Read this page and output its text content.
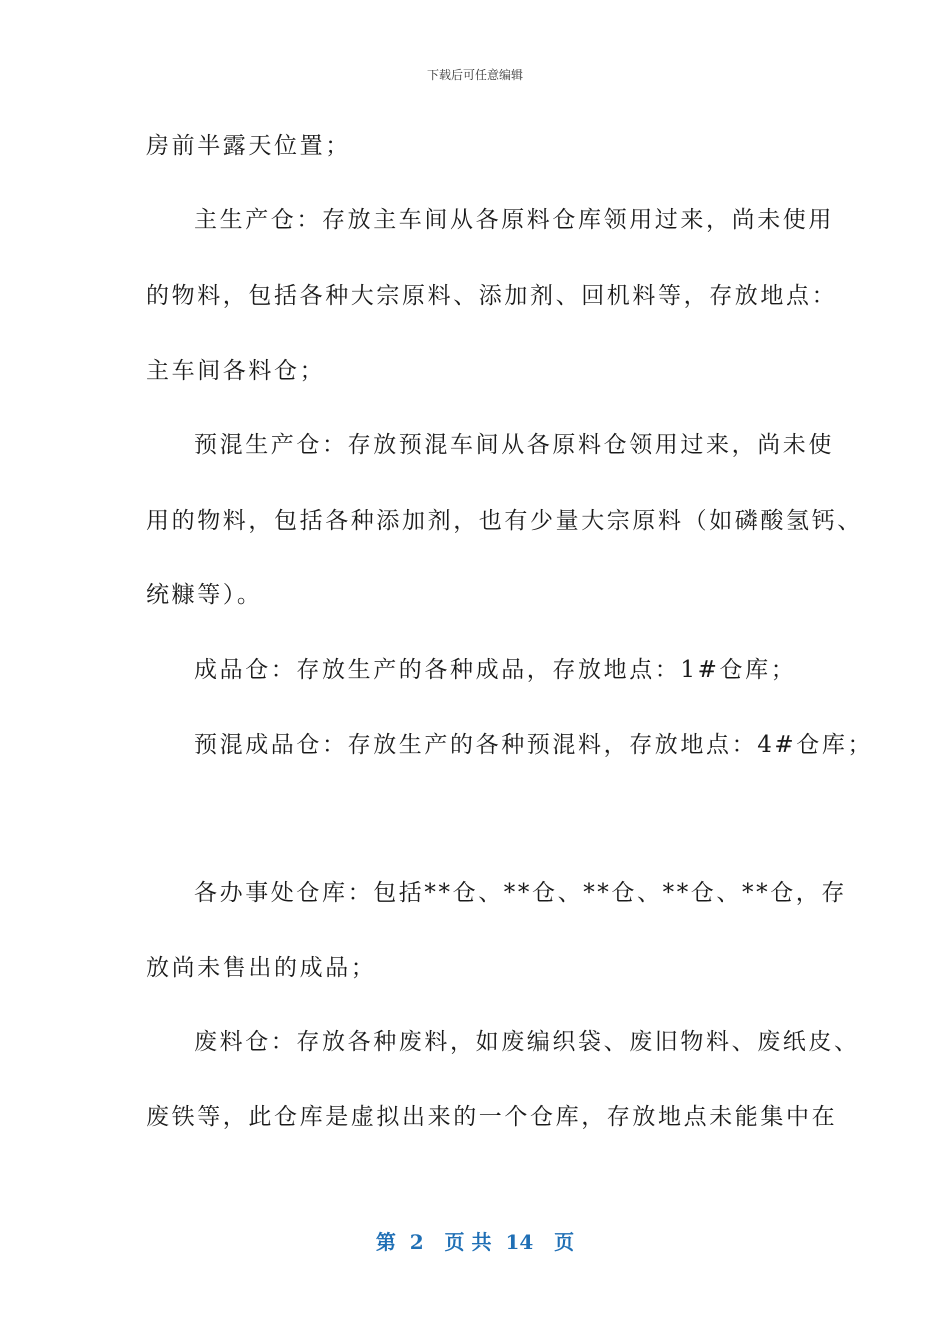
下载后可任意编辑
房前半露天位置；
主生产仓：存放主车间从各原料仓库领用过来，尚未使用
的物料，包括各种大宗原料、添加剂、回机料等，存放地点：
主车间各料仓；
预混生产仓：存放预混车间从各原料仓领用过来，尚未使
用的物料，包括各种添加剂，也有少量大宗原料（如磷酸氢钙、
统糠等）。
成品仓：存放生产的各种成品，存放地点：1#仓库；
预混成品仓：存放生产的各种预混料，存放地点：4#仓库；
各办事处仓库：包括**仓、**仓、**仓、**仓、**仓，存
放尚未售出的成品；
废料仓：存放各种废料，如废编织袋、废旧物料、废纸皮、
废铁等，此仓库是虚拟出来的一个仓库，存放地点未能集中在
第  2   页 共  14   页
